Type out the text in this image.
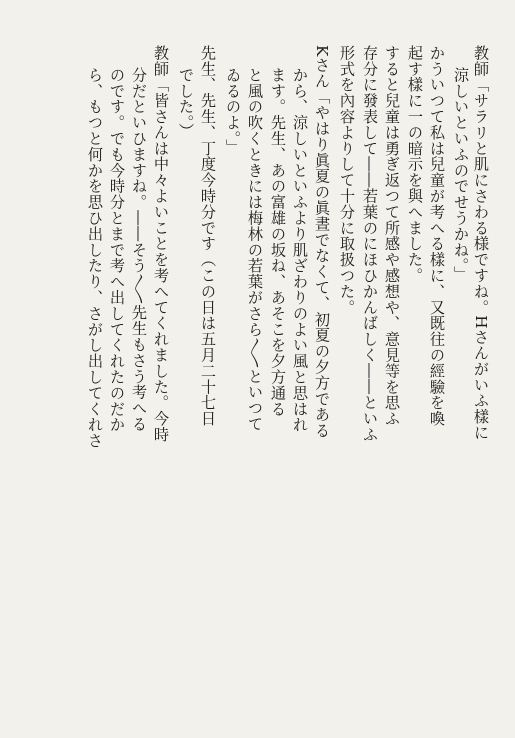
教師「サラリと肌にさわる様ですね。Hさんがいふ樣に
涼しいといふのでせうかね。」
かういつて私は兒童が考へる樣に、又既往の經驗を喚
起す樣に一の暗示を與へました。
すると兒童は勇ぎ返つて所感や感想や、意見等を思ふ
存分に發表して――若葉のにほひかんばしく――といふ
形式を內容よりして十分に取扱つた。
Kさん「やはり眞夏の眞晝でなくて、初夏の夕方である
から、涼しいといふより肌ざわりのよい風と思はれ
ます。先生、あの富雄の坂ね、あそこを夕方通る
と風の吹くときには梅林の若葉がさら〳〵といつて
ゐるのよ。」
先生、先生、丁度今時分です（この日は五月二十七日
でした。）
教師「皆さんは中々よいことを考へてくれました。今時
分だといひますね。――そう〳〵先生もさう考へる
のです。でも今時分とまで考へ出してくれたのだか
ら、もつと何かを思ひ出したり、さがし出してくれさ
